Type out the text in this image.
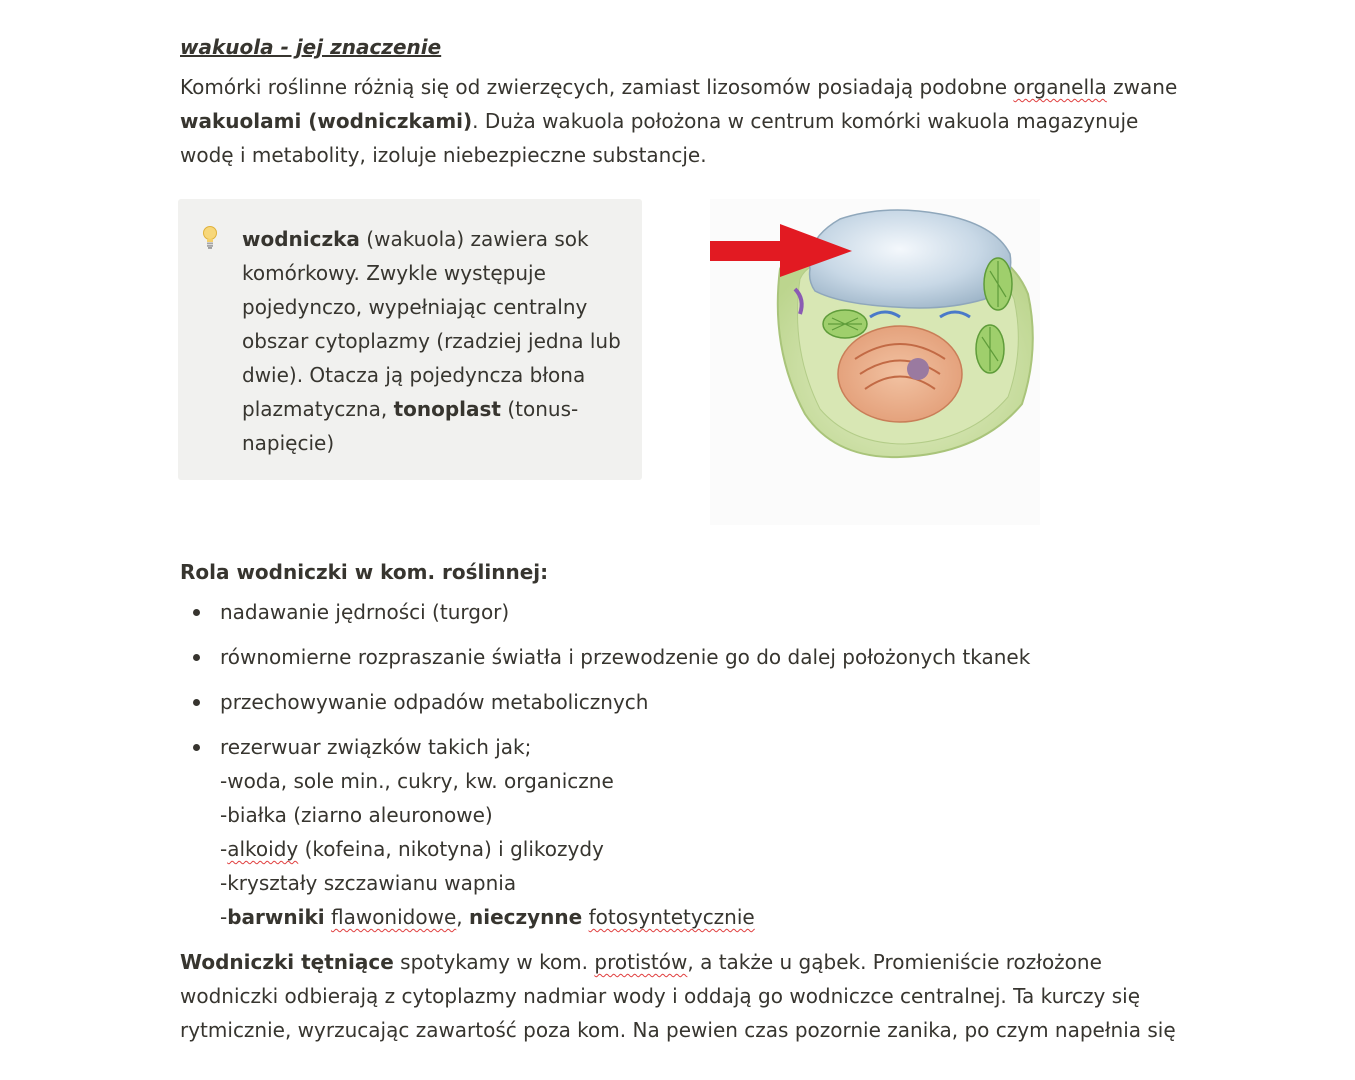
wakuola - jej znaczenie

Komórki roślinne różnią się od zwierzęcych, zamiast lizosomów posiadają podobne organella zwane
wakuolami (wodniczkami). Duża wakuola położona w centrum komórki wakuola magazynuje wodę i metabolity, izoluje niebezpieczne substancje.

wodniczka (wakuola) zawiera sok komórkowy. Zwykle występuje pojedynczo, wypełniając centralny obszar cytoplazmy (rzadziej jedna lub dwie). Otacza ją pojedyncza błona plazmatyczna, tonoplast (tonus-napięcie)

Rola wodniczki w kom. roślinnej:

nadawanie jędrności (turgor)
równomierne rozpraszanie światła i przewodzenie go do dalej położonych tkanek
przechowywanie odpadów metabolicznych
rezerwuar związków takich jak;
-woda, sole min., cukry, kw. organiczne
-białka (ziarno aleuronowe)
-alkoidy (kofeina, nikotyna) i glikozydy
-kryształy szczawianu wapnia
-barwniki flawonidowe, nieczynne fotosyntetycznie

Wodniczki tętniące spotykamy w kom. protistów, a także u gąbek. Promieniście rozłożone wodniczki odbierają z cytoplazmy nadmiar wody i oddają go wodniczce centralnej. Ta kurczy się rytmicznie, wyrzucając zawartość poza kom. Na pewien czas pozornie zanika, po czym napełnia się
